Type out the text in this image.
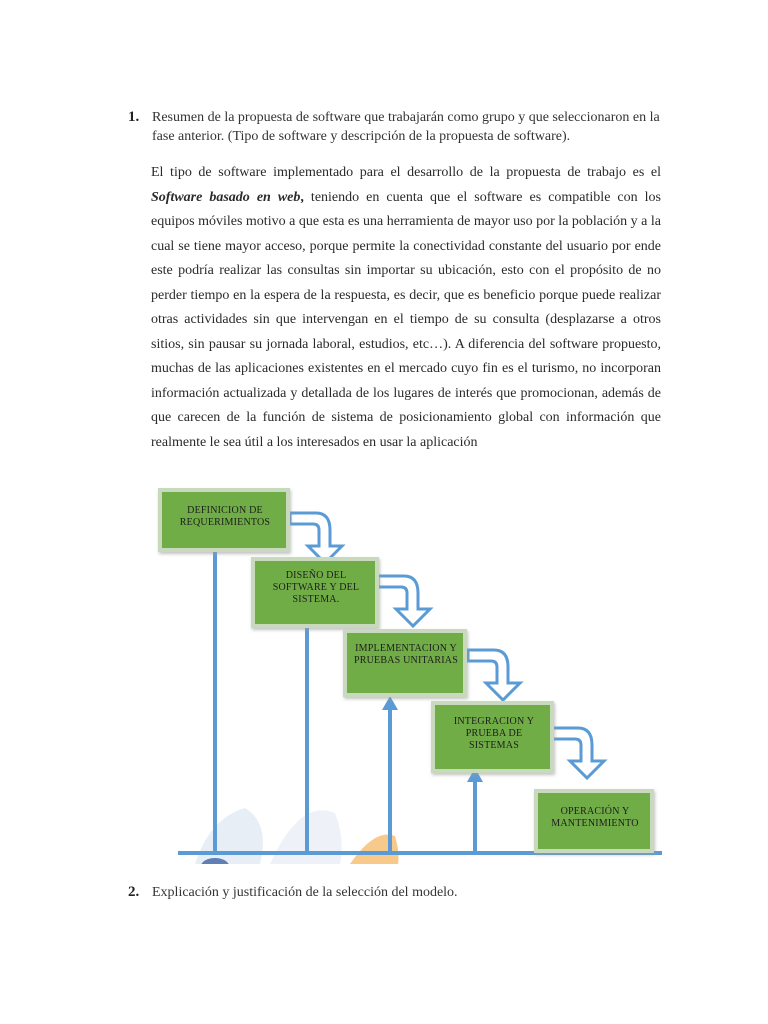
1. Resumen de la propuesta de software que trabajarán como grupo y que seleccionaron en la
fase anterior. (Tipo de software y descripción de la propuesta de software).
El tipo de software implementado para el desarrollo de la propuesta de trabajo es el Software basado en web, teniendo en cuenta que el software es compatible con los equipos móviles motivo a que esta es una herramienta de mayor uso por la población y a la cual se tiene mayor acceso, porque permite la conectividad constante del usuario por ende este podría realizar las consultas sin importar su ubicación, esto con el propósito de no perder tiempo en la espera de la respuesta, es decir, que es beneficio porque puede realizar otras actividades sin que intervengan en el tiempo de su consulta (desplazarse a otros sitios, sin pausar su jornada laboral, estudios, etc…). A diferencia del software propuesto, muchas de las aplicaciones existentes en el mercado cuyo fin es el turismo, no incorporan información actualizada y detallada de los lugares de interés que promocionan, además de que carecen de la función de sistema de posicionamiento global con información que realmente le sea útil a los interesados en usar la aplicación
DEFINICION DE REQUERIMIENTOS
DISEÑO DEL SOFTWARE Y DEL SISTEMA.
IMPLEMENTACION Y PRUEBAS UNITARIAS
INTEGRACION Y PRUEBA DE SISTEMAS
OPERACIÓN Y MANTENIMIENTO
2. Explicación y justificación de la selección del modelo.
